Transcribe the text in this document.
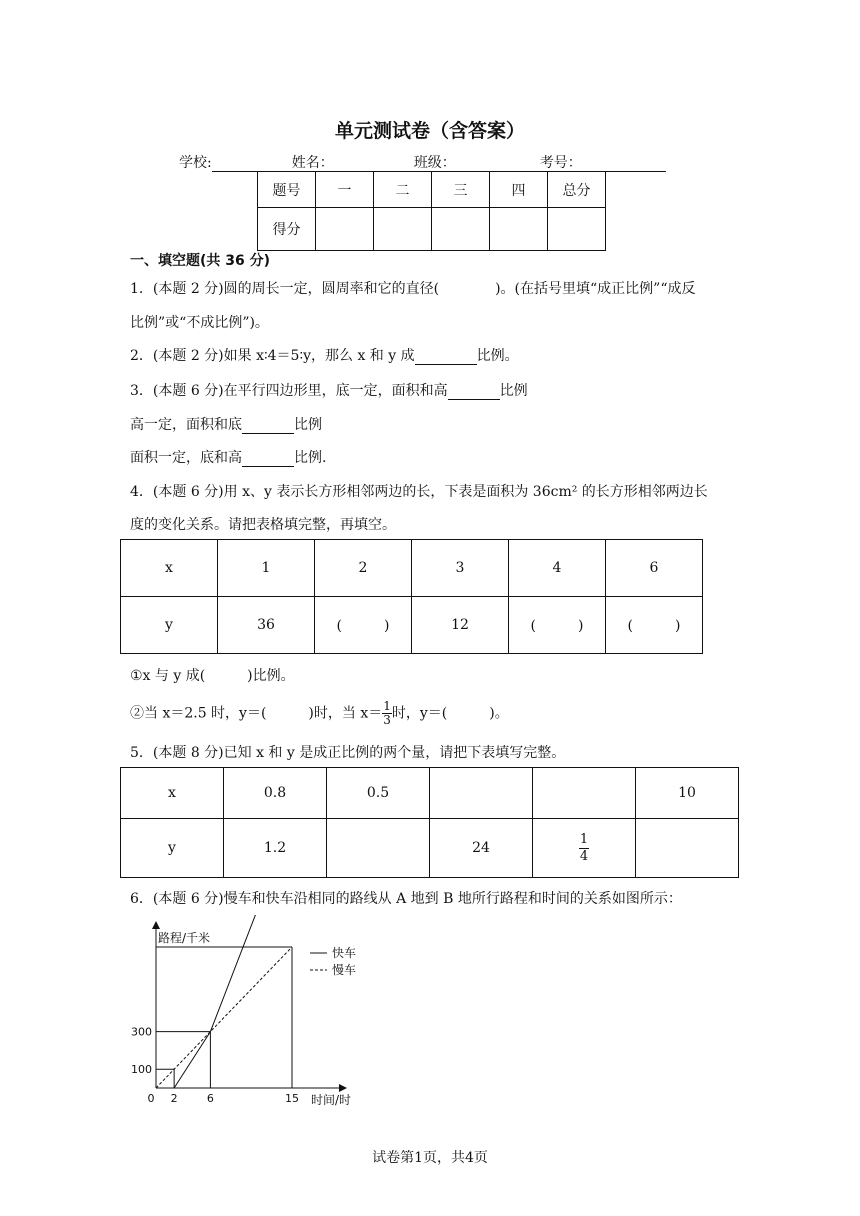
单元测试卷（含答案）
学校:	姓名：	班级：	考号：
题号	一	二	三	四	总分
得分					
一、填空题(共 36 分)
1．(本题 2 分)圆的周长一定，圆周率和它的直径(　　　　)。(在括号里填“成正比例”“成反
比例”或“不成比例”)。
2．(本题 2 分)如果 x∶4＝5∶y，那么 x 和 y 成	比例。
3．(本题 6 分)在平行四边形里，底一定，面积和高	比例
高一定，面积和底	比例
面积一定，底和高	比例.
4．(本题 6 分)用 x、y 表示长方形相邻两边的长，下表是面积为 36cm² 的长方形相邻两边长
度的变化关系。请把表格填完整，再填空。
x	1	2	3	4	6
y	36	(　　　)	12	(　　　)	(　　　)
①x 与 y 成(　　　)比例。
②当 x＝2.5 时，y＝(　　　)时，当 $x= \frac{1}{3}$ 时，y＝(　　　)。
5．(本题 8 分)已知 x 和 y 是成正比例的两个量，请把下表填写完整。
x	0.8	0.5			10
y	1.2		24	$\frac{1}{4}$

6．(本题 6 分)慢车和快车沿相同的路线从 A 地到 B 地所行路程和时间的关系如图所示：
0 2	6	15
100
300
路程/千米
时间/时
快车
慢车
试卷第1页，共4页
